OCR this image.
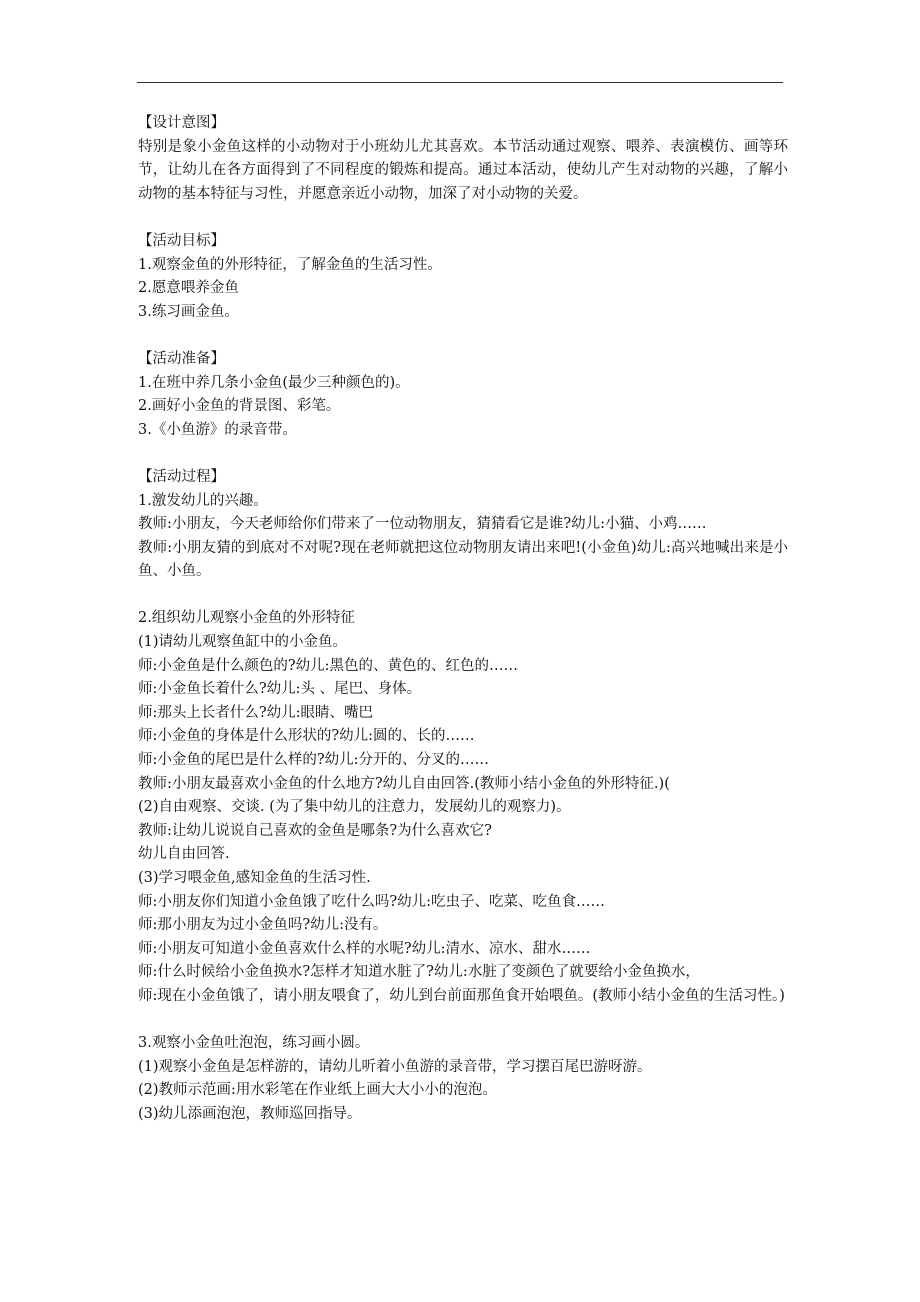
【设计意图】

特别是象小金鱼这样的小动物对于小班幼儿尤其喜欢。本节活动通过观察、喂养、表演模仿、画等环节，让幼儿在各方面得到了不同程度的锻炼和提高。通过本活动，使幼儿产生对动物的兴趣，了解小动物的基本特征与习性，并愿意亲近小动物，加深了对小动物的关爱。

【活动目标】

1.观察金鱼的外形特征，了解金鱼的生活习性。

2.愿意喂养金鱼

3.练习画金鱼。

【活动准备】

1.在班中养几条小金鱼(最少三种颜色的)。

2.画好小金鱼的背景图、彩笔。

3.《小鱼游》的录音带。

【活动过程】

1.激发幼儿的兴趣。

教师:小朋友，今天老师给你们带来了一位动物朋友，猜猜看它是谁?幼儿:小猫、小鸡……

教师:小朋友猜的到底对不对呢?现在老师就把这位动物朋友请出来吧!(小金鱼)幼儿:高兴地喊出来是小鱼、小鱼。

2.组织幼儿观察小金鱼的外形特征

(1)请幼儿观察鱼缸中的小金鱼。

师:小金鱼是什么颜色的?幼儿:黑色的、黄色的、红色的……

师:小金鱼长着什么?幼儿:头 、尾巴、身体。

师:那头上长者什么?幼儿:眼睛、嘴巴

师:小金鱼的身体是什么形状的?幼儿:圆的、长的……

师:小金鱼的尾巴是什么样的?幼儿:分开的、分叉的……

教师:小朋友最喜欢小金鱼的什么地方?幼儿自由回答.(教师小结小金鱼的外形特征.)(

(2)自由观察、交谈. (为了集中幼儿的注意力，发展幼儿的观察力)。

教师:让幼儿说说自己喜欢的金鱼是哪条?为什么喜欢它?

幼儿自由回答.

(3)学习喂金鱼,感知金鱼的生活习性.

师:小朋友你们知道小金鱼饿了吃什么吗?幼儿:吃虫子、吃菜、吃鱼食……

师:那小朋友为过小金鱼吗?幼儿:没有。

师:小朋友可知道小金鱼喜欢什么样的水呢?幼儿:清水、凉水、甜水……

师:什么时候给小金鱼换水?怎样才知道水脏了?幼儿:水脏了变颜色了就要给小金鱼换水，

师:现在小金鱼饿了，请小朋友喂食了，幼儿到台前面那鱼食开始喂鱼。(教师小结小金鱼的生活习性。)

3.观察小金鱼吐泡泡，练习画小圆。

(1)观察小金鱼是怎样游的，请幼儿听着小鱼游的录音带，学习摆百尾巴游呀游。

(2)教师示范画:用水彩笔在作业纸上画大大小小的泡泡。

(3)幼儿添画泡泡，教师巡回指导。
